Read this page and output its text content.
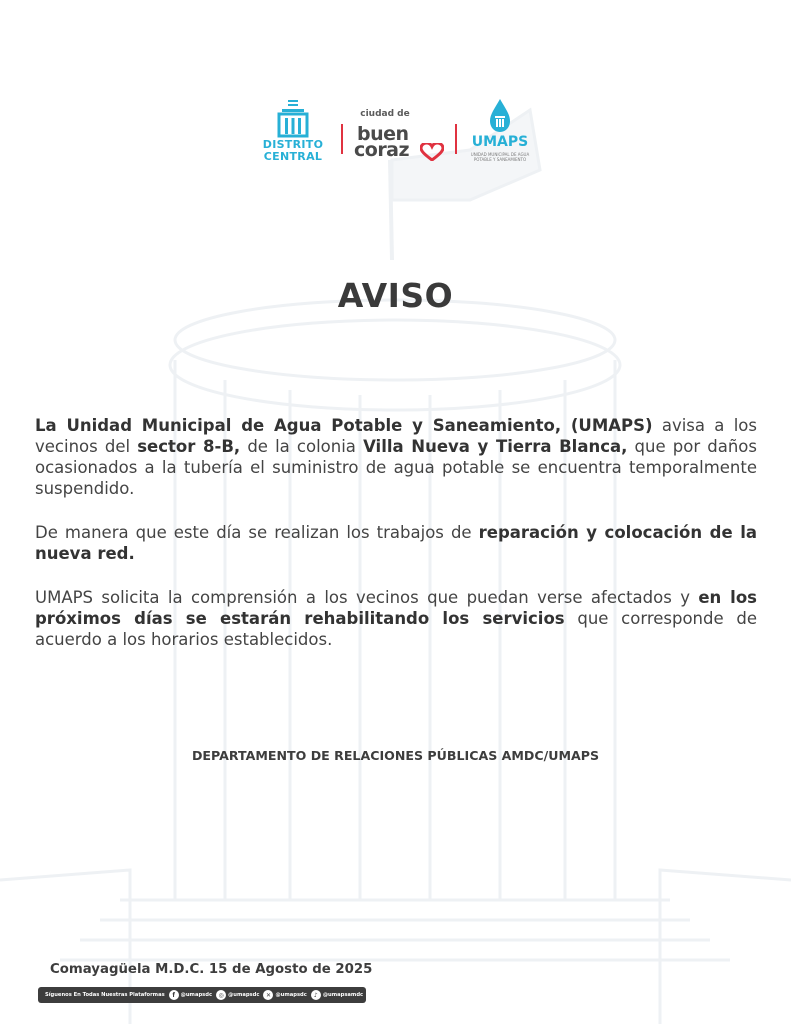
DISTRITO
CENTRAL
ciudad de
buen
coraz	UMAPS
UNIDAD MUNICIPAL DE AGUA POTABLE Y SANEAMIENTO
AVISO

La Unidad Municipal de Agua Potable y Saneamiento, (UMAPS) avisa a los vecinos del sector 8-B, de la colonia Villa Nueva y Tierra Blanca, que por daños ocasionados a la tubería el suministro de agua potable se encuentra temporalmente suspendido.

De manera que este día se realizan los trabajos de reparación y colocación de la nueva red.

UMAPS solicita la comprensión a los vecinos que puedan verse afectados y en los próximos días se estarán rehabilitando los servicios que corresponde de acuerdo a los horarios establecidos.

DEPARTAMENTO DE RELACIONES PÚBLICAS AMDC/UMAPS
Comayagüela M.D.C. 15 de Agosto de 2025
Síguenos En Todas Nuestras Plataformas	f	@umapsdc	◎ @umapsdc	✕ @umapsdc	♪ @umapsamdc
